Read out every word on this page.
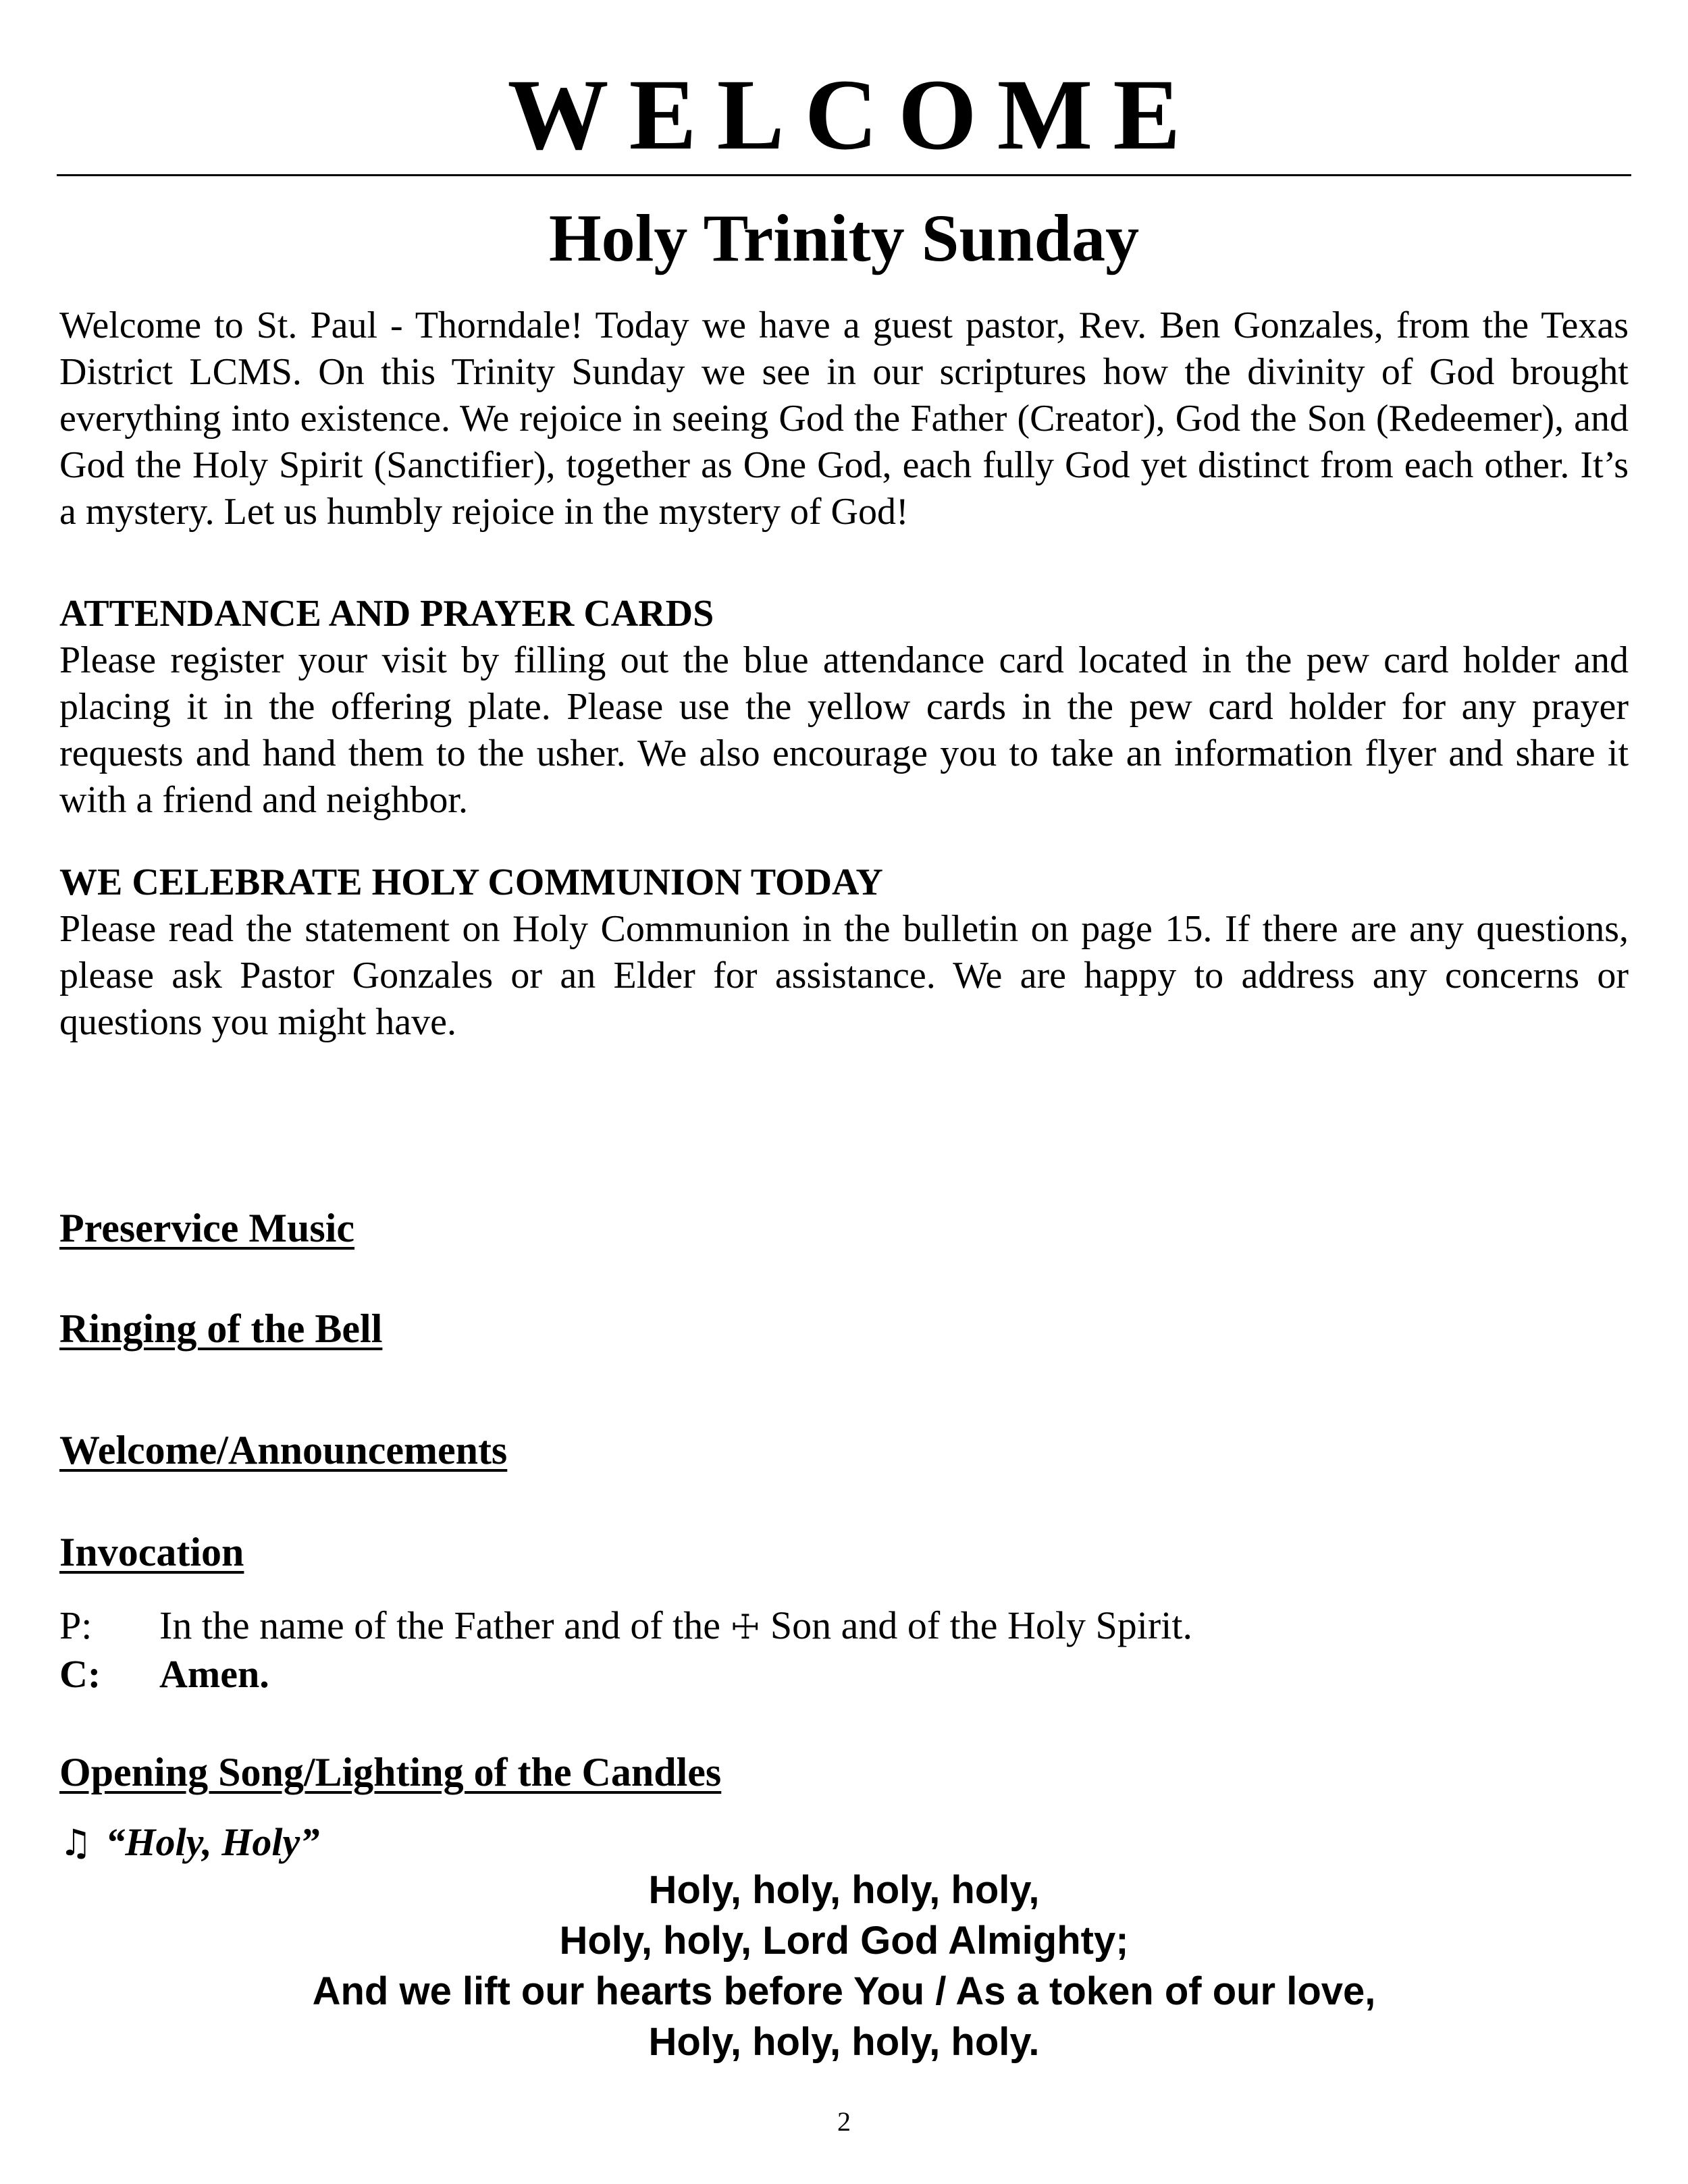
WELCOME
Holy Trinity Sunday

Welcome to St. Paul - Thorndale! Today we have a guest pastor, Rev. Ben Gonzales, from the Texas District LCMS. On this Trinity Sunday we see in our scriptures how the divinity of God brought everything into existence. We rejoice in seeing God the Father (Creator), God the Son (Redeemer), and God the Holy Spirit (Sanctifier), together as One God, each fully God yet distinct from each other. It’s a mystery. Let us humbly rejoice in the mystery of God!

ATTENDANCE AND PRAYER CARDS

Please register your visit by filling out the blue attendance card located in the pew card holder and placing it in the offering plate. Please use the yellow cards in the pew card holder for any prayer requests and hand them to the usher. We also encourage you to take an information flyer and share it with a friend and neighbor.

WE CELEBRATE HOLY COMMUNION TODAY

Please read the statement on Holy Communion in the bulletin on page 15. If there are any questions, please ask Pastor Gonzales or an Elder for assistance. We are happy to address any concerns or questions you might have.

Preservice Music
Ringing of the Bell
Welcome/Announcements
Invocation
P:	In the name of the Father and of the ☩ Son and of the Holy Spirit.
C:	Amen.
Opening Song/Lighting of the Candles
♫ “Holy, Holy”
Holy, holy, holy, holy,
Holy, holy, Lord God Almighty;
And we lift our hearts before You / As a token of our love,
Holy, holy, holy, holy.
2
